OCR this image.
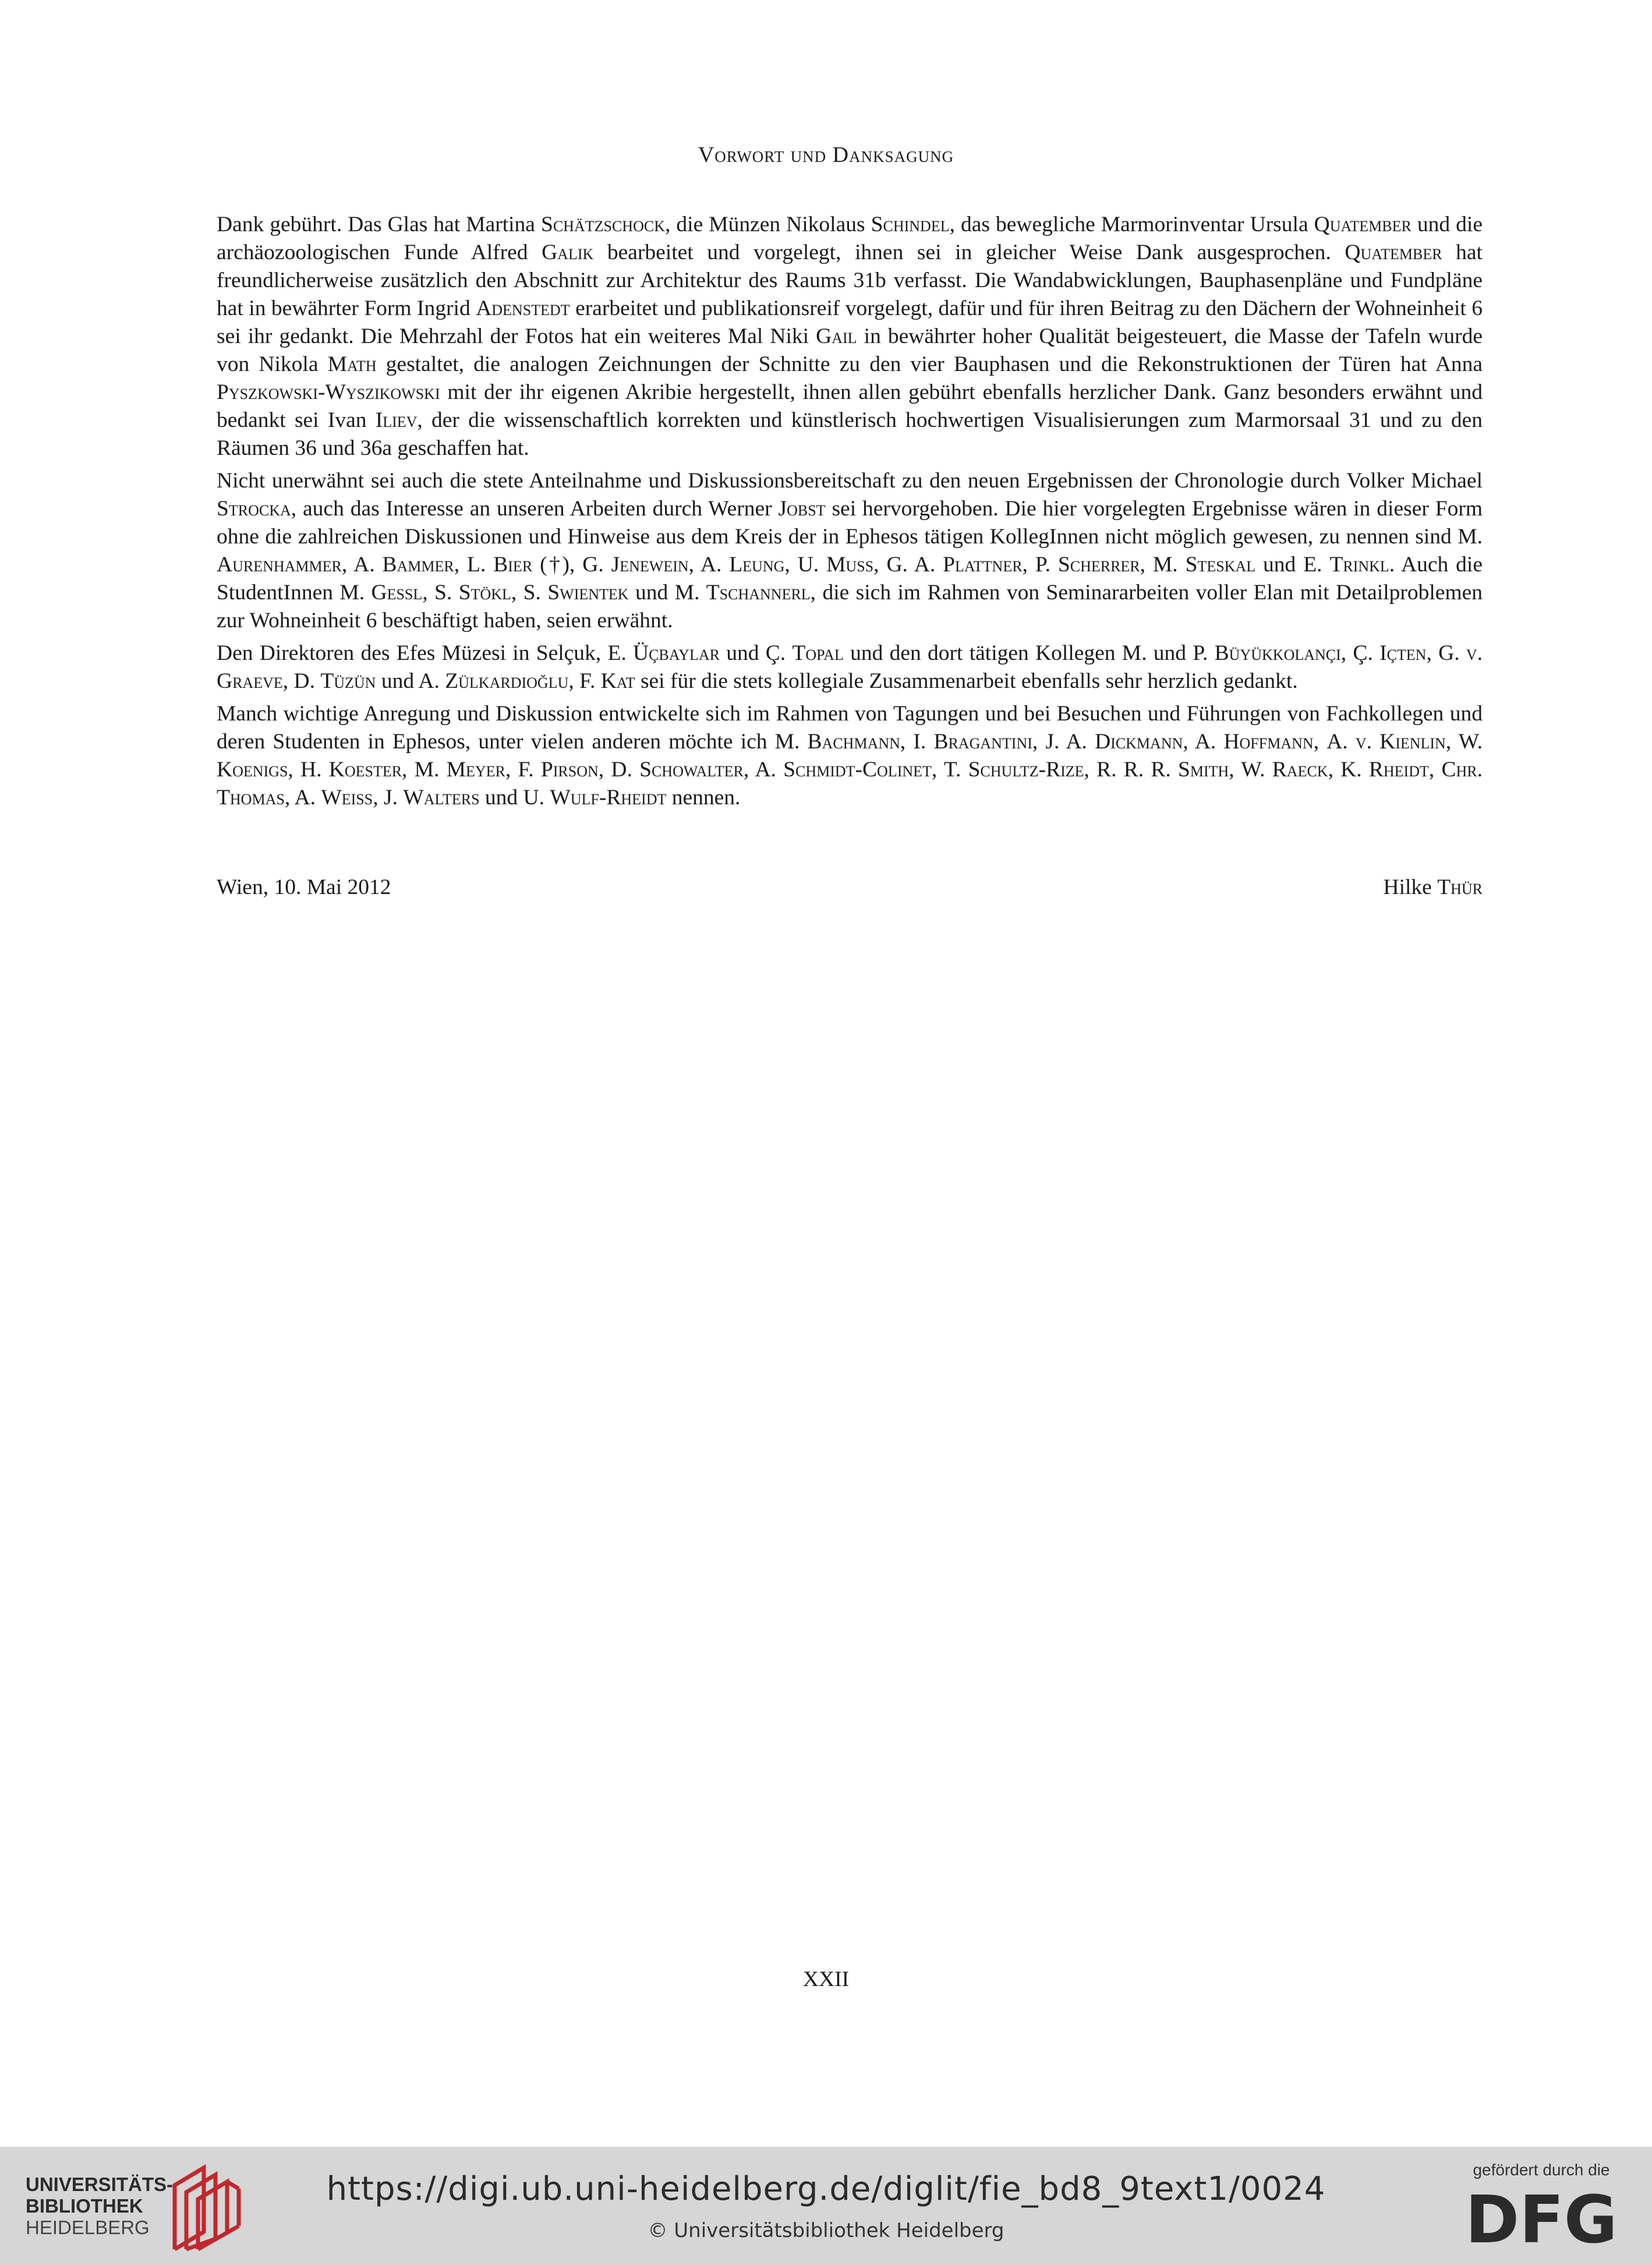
Vorwort und Danksagung

Dank gebührt. Das Glas hat Martina Schätzschock, die Münzen Nikolaus Schindel, das bewegliche Marmorinventar Ursula Quatember und die archäozoologischen Funde Alfred Galik bearbeitet und vorgelegt, ihnen sei in gleicher Weise Dank ausgesprochen. Quatember hat freundlicherweise zusätzlich den Abschnitt zur Architektur des Raums 31b verfasst. Die Wandabwicklungen, Bauphasenpläne und Fundpläne hat in bewährter Form Ingrid Adenstedt erarbeitet und publikationsreif vorgelegt, dafür und für ihren Beitrag zu den Dächern der Wohneinheit 6 sei ihr gedankt. Die Mehrzahl der Fotos hat ein weiteres Mal Niki Gail in bewährter hoher Qualität beigesteuert, die Masse der Tafeln wurde von Nikola Math gestaltet, die analogen Zeichnungen der Schnitte zu den vier Bauphasen und die Rekonstruktionen der Türen hat Anna Pyszkowski-Wyszikowski mit der ihr eigenen Akribie hergestellt, ihnen allen gebührt ebenfalls herzlicher Dank. Ganz besonders erwähnt und bedankt sei Ivan Iliev, der die wissenschaftlich korrekten und künstlerisch hochwertigen Visualisierungen zum Marmorsaal 31 und zu den Räumen 36 und 36a geschaffen hat.

Nicht unerwähnt sei auch die stete Anteilnahme und Diskussionsbereitschaft zu den neuen Ergebnissen der Chronologie durch Volker Michael Strocka, auch das Interesse an unseren Arbeiten durch Werner Jobst sei hervorgehoben. Die hier vorgelegten Ergebnisse wären in dieser Form ohne die zahlreichen Diskussionen und Hinweise aus dem Kreis der in Ephesos tätigen KollegInnen nicht möglich gewesen, zu nennen sind M. Aurenhammer, A. Bammer, L. Bier (†), G. Jenewein, A. Leung, U. Muss, G. A. Plattner, P. Scherrer, M. Steskal und E. Trinkl. Auch die StudentInnen M. Gessl, S. Stökl, S. Swientek und M. Tschannerl, die sich im Rahmen von Seminararbeiten voller Elan mit Detailproblemen zur Wohneinheit 6 beschäftigt haben, seien erwähnt.

Den Direktoren des Efes Müzesi in Selçuk, E. Üçbaylar und Ç. Topal und den dort tätigen Kollegen M. und P. Büyükkolançi, Ç. Içten, G. v. Graeve, D. Tüzün und A. Zülkardioğlu, F. Kat sei für die stets kollegiale Zusammenarbeit ebenfalls sehr herzlich gedankt.

Manch wichtige Anregung und Diskussion entwickelte sich im Rahmen von Tagungen und bei Besuchen und Führungen von Fachkollegen und deren Studenten in Ephesos, unter vielen anderen möchte ich M. Bachmann, I. Bragantini, J. A. Dickmann, A. Hoffmann, A. v. Kienlin, W. Koenigs, H. Koester, M. Meyer, F. Pirson, D. Schowalter, A. Schmidt-Colinet, T. Schultz-Rize, R. R. R. Smith, W. Raeck, K. Rheidt, Chr. Thomas, A. Weiss, J. Walters und U. Wulf-Rheidt nennen.

Wien, 10. Mai 2012	Hilke Thür
XXII
UNIVERSITÄTS-
BIBLIOTHEK
HEIDELBERG
https://digi.ub.uni-heidelberg.de/diglit/fie_bd8_9text1/0024
© Universitätsbibliothek Heidelberg
gefördert durch die
DFG
